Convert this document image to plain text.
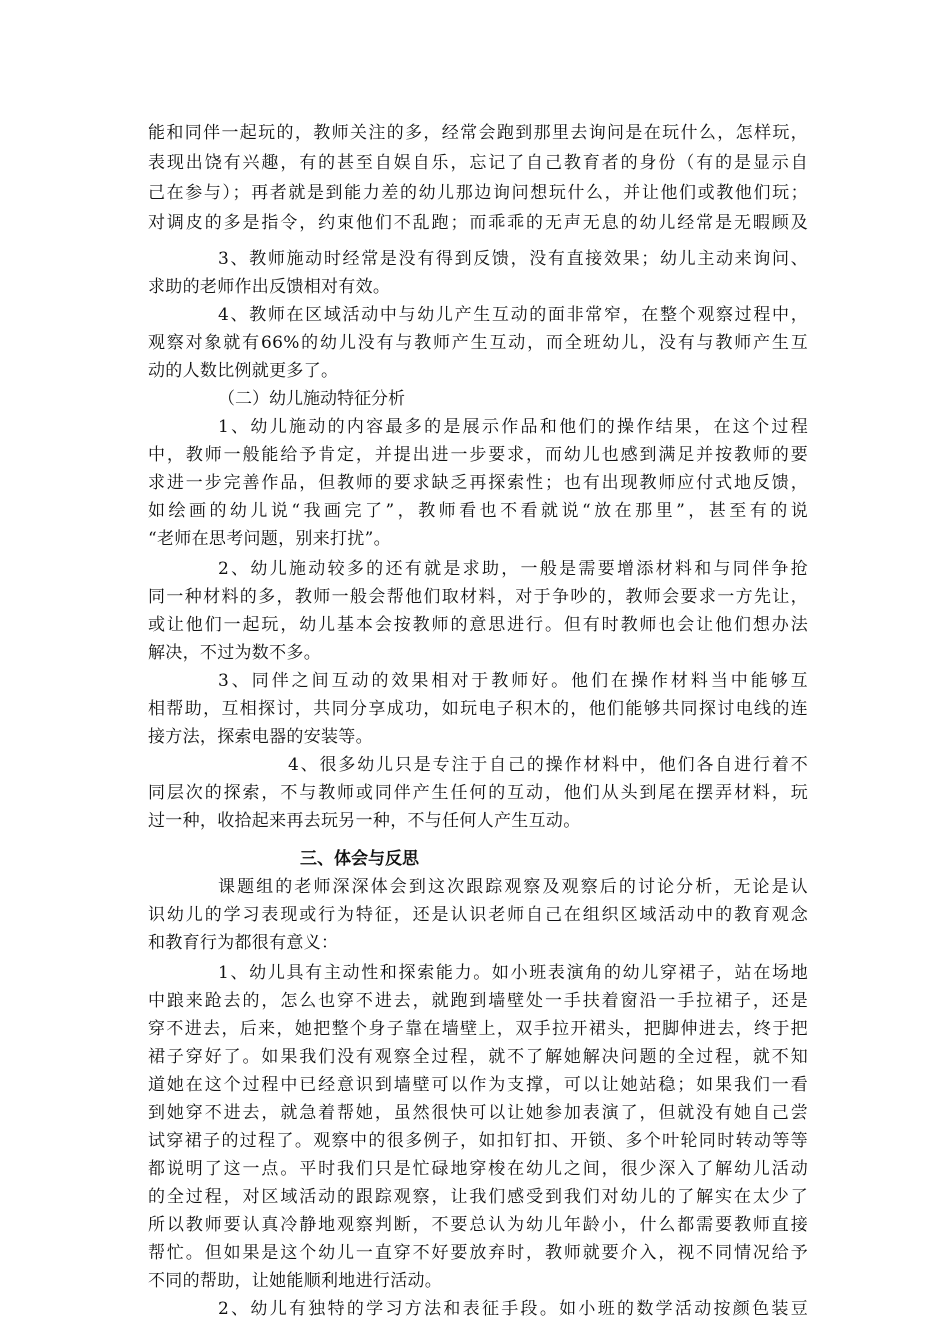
能和同伴一起玩的，教师关注的多，经常会跑到那里去询问是在玩什么，怎样玩，
表现出饶有兴趣，有的甚至自娱自乐，忘记了自己教育者的身份（有的是显示自
己在参与）；再者就是到能力差的幼儿那边询问想玩什么，并让他们或教他们玩；
对调皮的多是指令，约束他们不乱跑；而乖乖的无声无息的幼儿经常是无暇顾及
3、教师施动时经常是没有得到反馈，没有直接效果；幼儿主动来询问、
求助的老师作出反馈相对有效。
4、教师在区域活动中与幼儿产生互动的面非常窄，在整个观察过程中，
观察对象就有66%的幼儿没有与教师产生互动，而全班幼儿，没有与教师产生互
动的人数比例就更多了。
（二）幼儿施动特征分析
1、幼儿施动的内容最多的是展示作品和他们的操作结果，在这个过程
中，教师一般能给予肯定，并提出进一步要求，而幼儿也感到满足并按教师的要
求进一步完善作品，但教师的要求缺乏再探索性；也有出现教师应付式地反馈，
如绘画的幼儿说“我画完了”，教师看也不看就说“放在那里”，甚至有的说
“老师在思考问题，别来打扰”。
2、幼儿施动较多的还有就是求助，一般是需要增添材料和与同伴争抢
同一种材料的多，教师一般会帮他们取材料，对于争吵的，教师会要求一方先让，
或让他们一起玩，幼儿基本会按教师的意思进行。但有时教师也会让他们想办法
解决，不过为数不多。
3、同伴之间互动的效果相对于教师好。他们在操作材料当中能够互
相帮助，互相探讨，共同分享成功，如玩电子积木的，他们能够共同探讨电线的连
接方法，探索电器的安装等。
4、很多幼儿只是专注于自己的操作材料中，他们各自进行着不
同层次的探索，不与教师或同伴产生任何的互动，他们从头到尾在摆弄材料，玩
过一种，收拾起来再去玩另一种，不与任何人产生互动。
三、体会与反思
课题组的老师深深体会到这次跟踪观察及观察后的讨论分析，无论是认
识幼儿的学习表现或行为特征，还是认识老师自己在组织区域活动中的教育观念
和教育行为都很有意义：
1、幼儿具有主动性和探索能力。如小班表演角的幼儿穿裙子，站在场地
中踉来跄去的，怎么也穿不进去，就跑到墙壁处一手扶着窗沿一手拉裙子，还是
穿不进去，后来，她把整个身子靠在墙壁上，双手拉开裙头，把脚伸进去，终于把
裙子穿好了。如果我们没有观察全过程，就不了解她解决问题的全过程，就不知
道她在这个过程中已经意识到墙壁可以作为支撑，可以让她站稳；如果我们一看
到她穿不进去，就急着帮她，虽然很快可以让她参加表演了，但就没有她自己尝
试穿裙子的过程了。观察中的很多例子，如扣钉扣、开锁、多个叶轮同时转动等等
都说明了这一点。平时我们只是忙碌地穿梭在幼儿之间，很少深入了解幼儿活动
的全过程，对区域活动的跟踪观察，让我们感受到我们对幼儿的了解实在太少了
所以教师要认真冷静地观察判断，不要总认为幼儿年龄小，什么都需要教师直接
帮忙。但如果是这个幼儿一直穿不好要放弃时，教师就要介入，视不同情况给予
不同的帮助，让她能顺利地进行活动。
2、幼儿有独特的学习方法和表征手段。如小班的数学活动按颜色装豆
